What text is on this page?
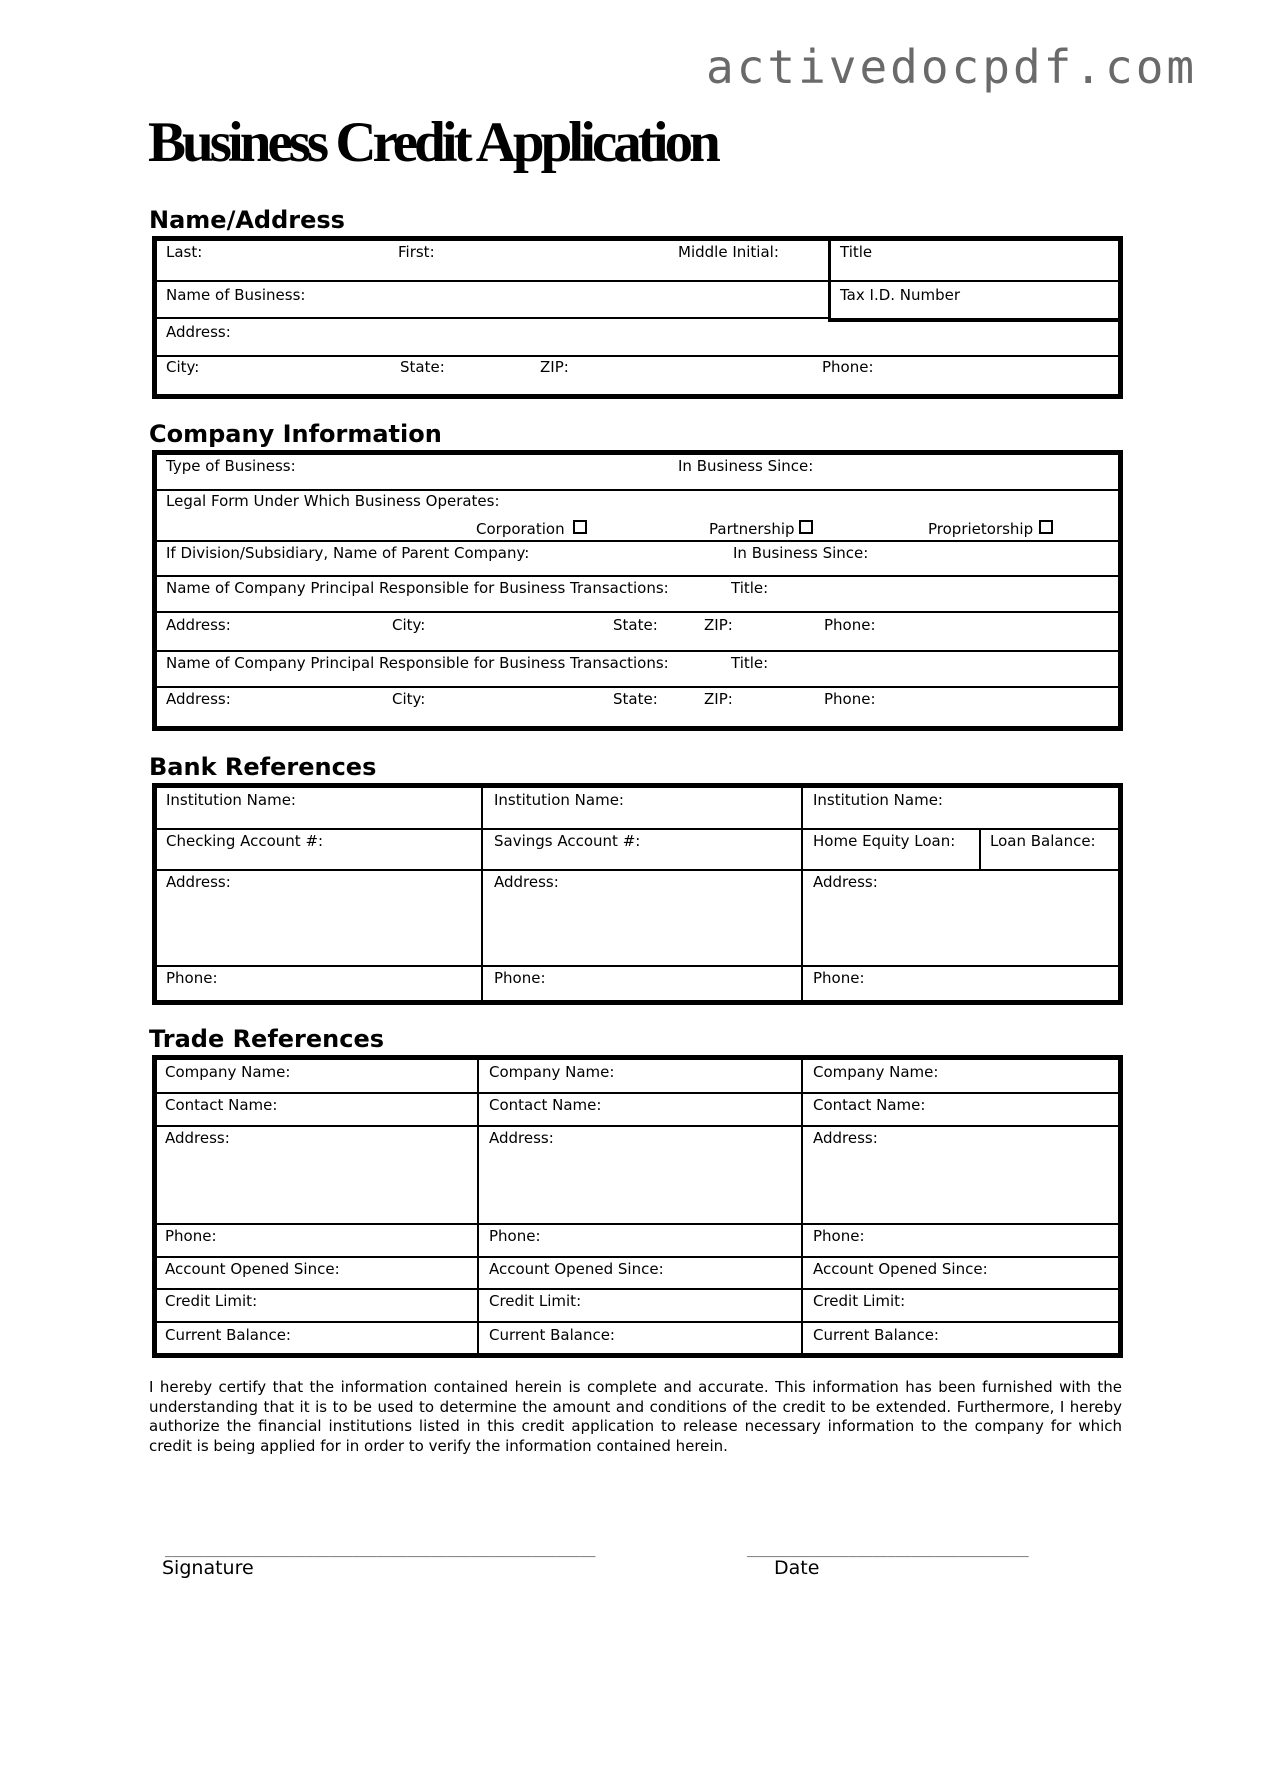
activedocpdf.com
Business Credit Application
Name/Address
Last:	First:	Middle Initial:	Title
Name of Business:	Tax I.D. Number
Address:
City:	State:	ZIP:	Phone:
Company Information
Type of Business:	In Business Since:
Legal Form Under Which Business Operates:
Corporation	Partnership	Proprietorship
If Division/Subsidiary, Name of Parent Company:	In Business Since:
Name of Company Principal Responsible for Business Transactions:	Title:
Address:	City:	State:	ZIP:	Phone:
Name of Company Principal Responsible for Business Transactions:	Title:
Address:	City:	State:	ZIP:	Phone:
Bank References
Institution Name:	Institution Name:	Institution Name:
Checking Account #:	Savings Account #:	Home Equity Loan: Loan Balance:
Address:	Address:	Address:
Phone:	Phone:	Phone:
Trade References
Company Name:	Company Name:	Company Name:
Contact Name:	Contact Name:	Contact Name:
Address:	Address:	Address:
Phone:	Phone:	Phone:
Account Opened Since:	Account Opened Since:	Account Opened Since:
Credit Limit:	Credit Limit:	Credit Limit:
Current Balance:	Current Balance:	Current Balance:
I hereby certify that the information contained herein is complete and accurate. This information has been furnished with the understanding that it is to be used to determine the amount and conditions of the credit to be extended. Furthermore, I hereby authorize the financial institutions listed in this credit application to release necessary information to the company for which credit is being applied for in order to verify the information contained herein.
_______________________________________________________	____________________________________
Signature	Date
